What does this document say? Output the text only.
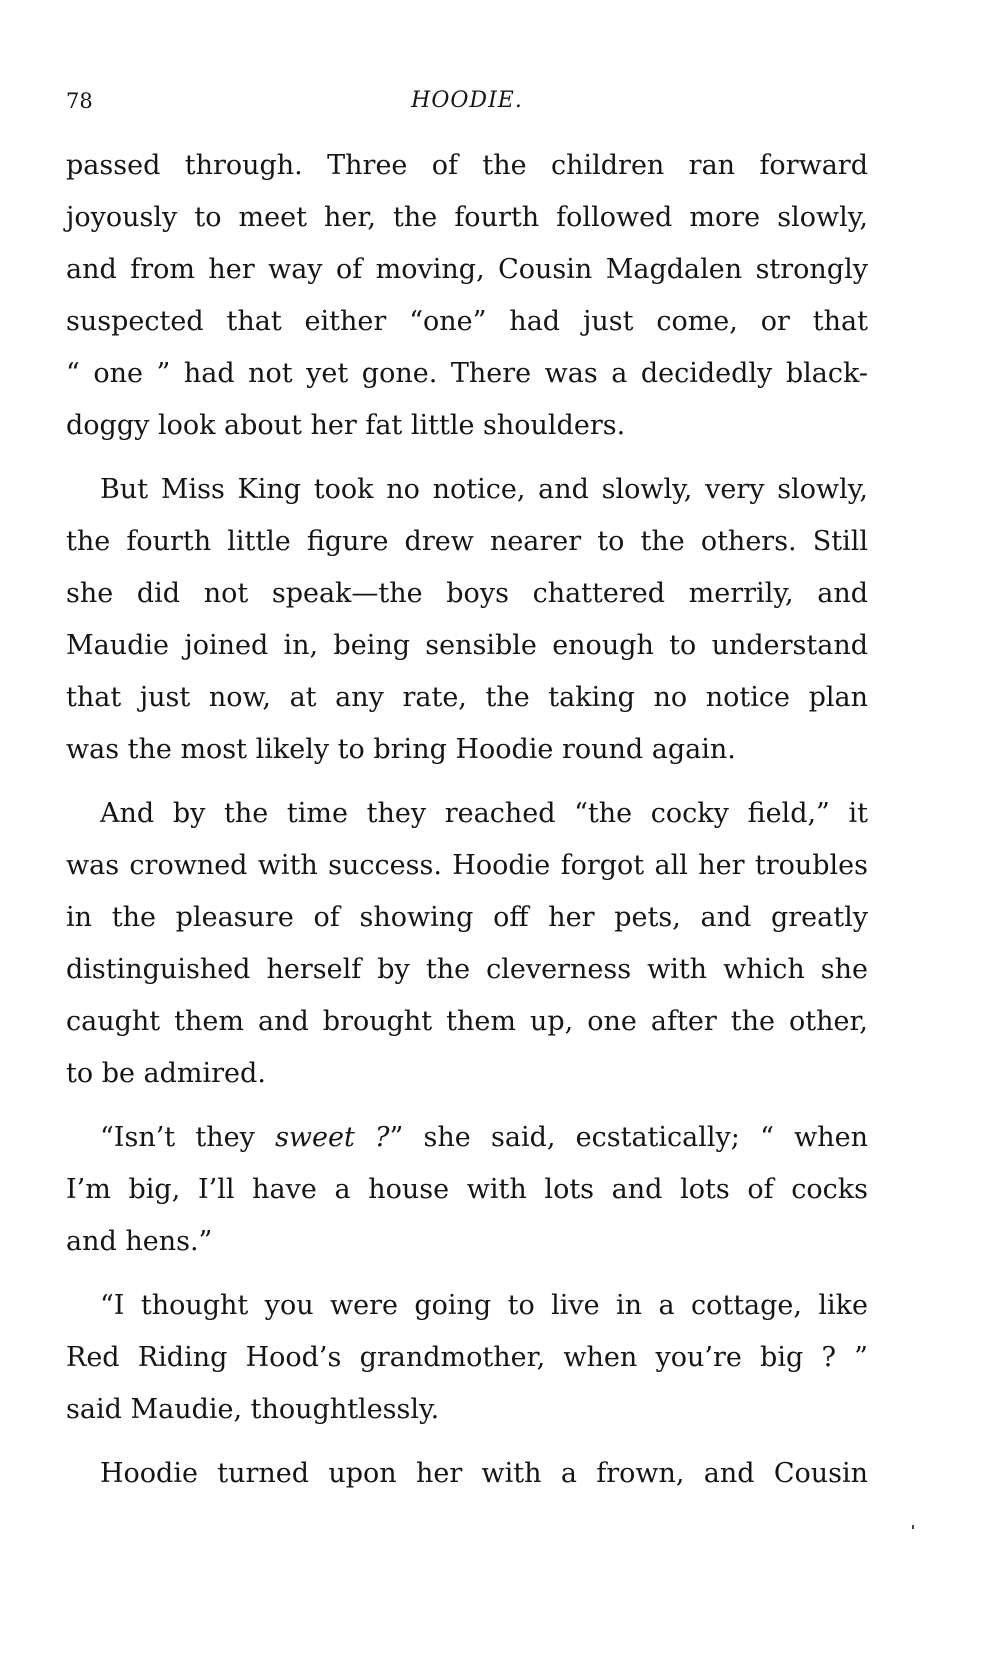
78	HOODIE.
passed through. Three of the children ran forward
joyously to meet her, the fourth followed more slowly,
and from her way of moving, Cousin Magdalen strongly
suspected that either “one” had just come, or that
“ one ” had not yet gone. There was a decidedly black-
doggy look about her fat little shoulders.
But Miss King took no notice, and slowly, very slowly,
the fourth little figure drew nearer to the others. Still
she did not speak—the boys chattered merrily, and
Maudie joined in, being sensible enough to understand
that just now, at any rate, the taking no notice plan
was the most likely to bring Hoodie round again.
And by the time they reached “the cocky field,” it
was crowned with success. Hoodie forgot all her troubles
in the pleasure of showing off her pets, and greatly
distinguished herself by the cleverness with which she
caught them and brought them up, one after the other,
to be admired.
“Isn’t they sweet ?” she said, ecstatically; “ when
I’m big, I’ll have a house with lots and lots of cocks
and hens.”
“I thought you were going to live in a cottage, like
Red Riding Hood’s grandmother, when you’re big ? ”
said Maudie, thoughtlessly.
Hoodie turned upon her with a frown, and Cousin
